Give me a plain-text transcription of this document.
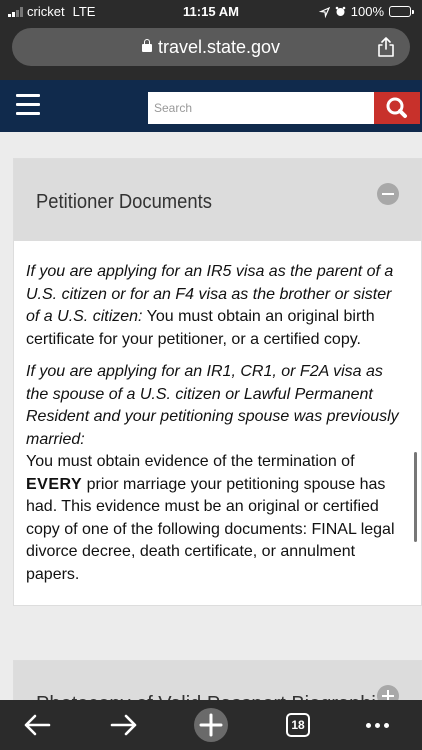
cricket LTE	11:15 AM	100%
travel.state.gov
Search
Petitioner Documents

If you are applying for an IR5 visa as the parent of a U.S. citizen or for an F4 visa as the brother or sister of a U.S. citizen: You must obtain an original birth certificate for your petitioner, or a certified copy.

If you are applying for an IR1, CR1, or F2A visa as the spouse of a U.S. citizen or Lawful Permanent Resident and your petitioning spouse was previously married:
You must obtain evidence of the termination of EVERY prior marriage your petitioning spouse has had. This evidence must be an original or certified copy of one of the following documents: FINAL legal divorce decree, death certificate, or annulment papers.

18
